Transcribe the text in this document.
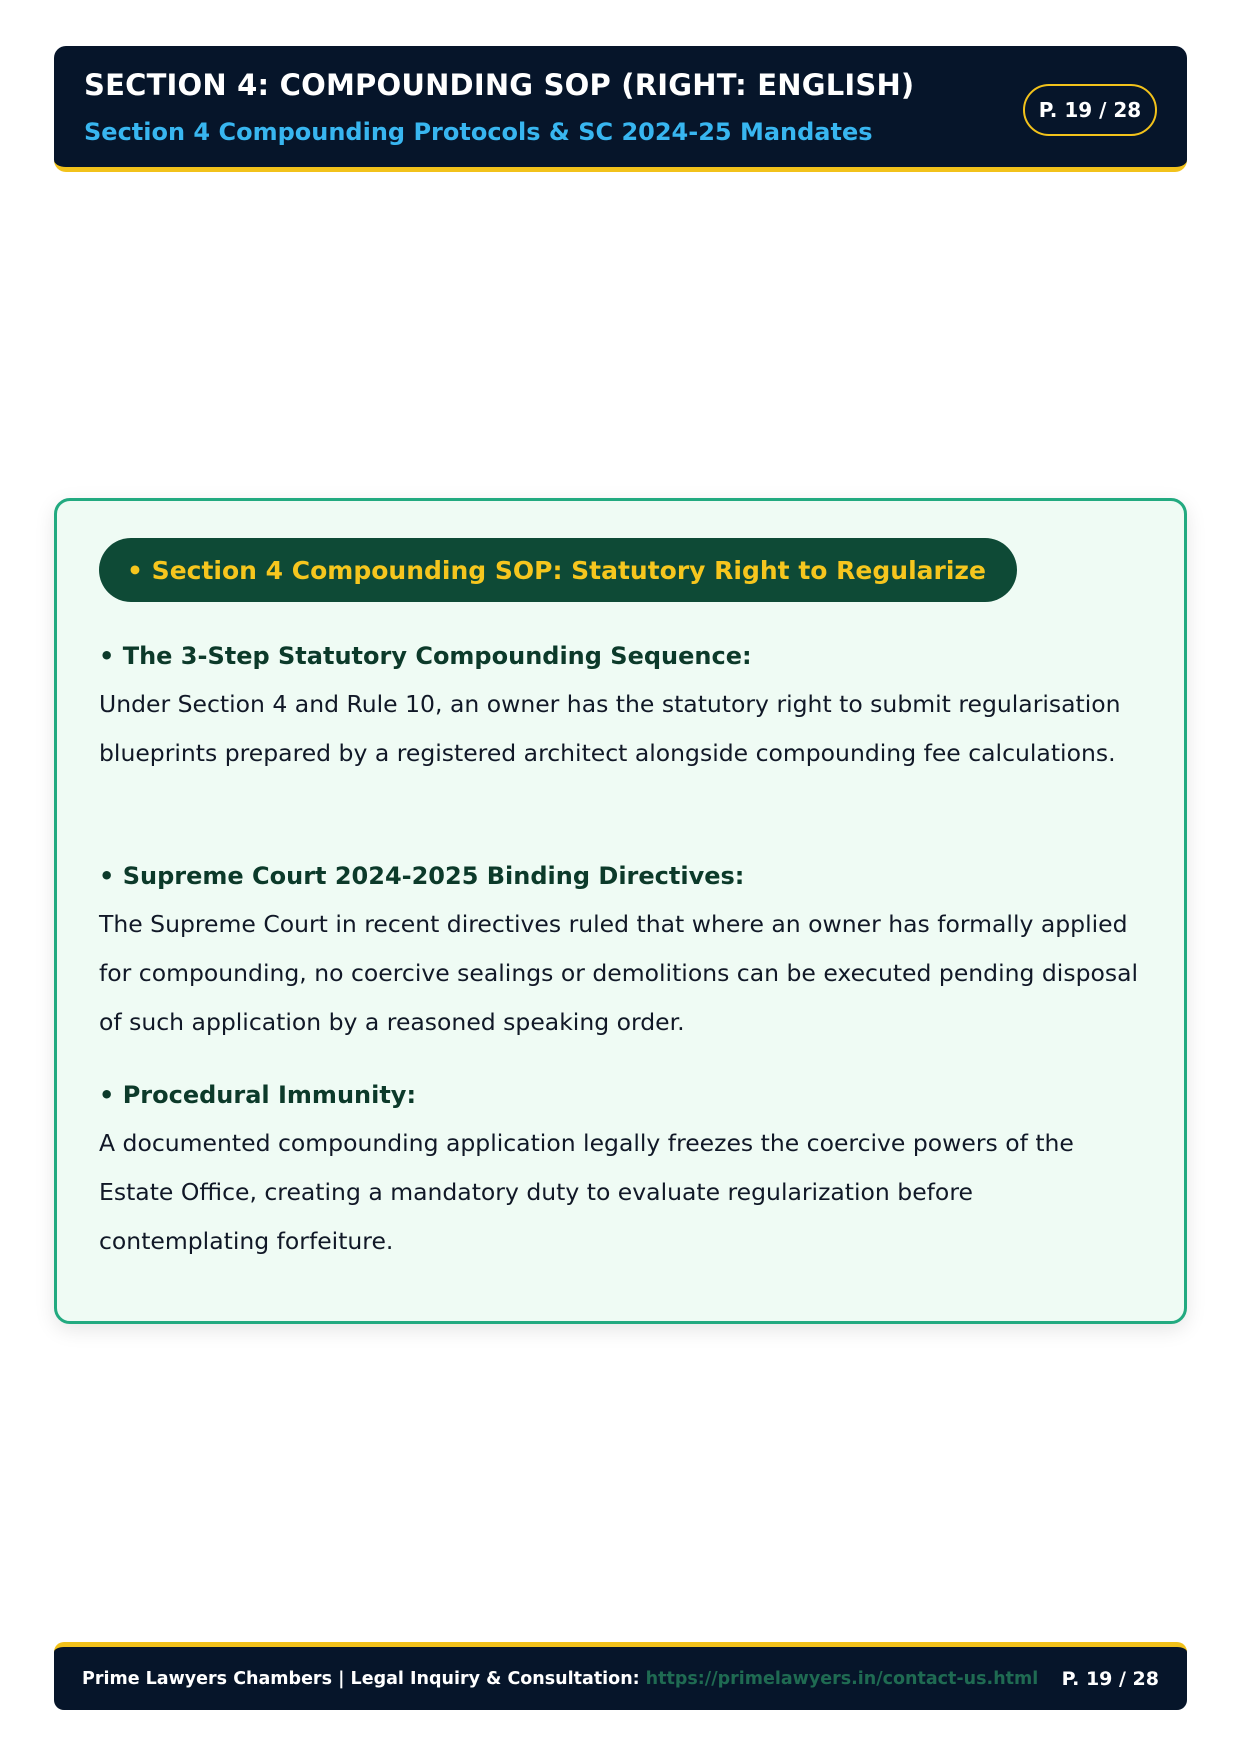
SECTION 4: COMPOUNDING SOP (RIGHT: ENGLISH)
Section 4 Compounding Protocols & SC 2024-25 Mandates
P. 19 / 28
• Section 4 Compounding SOP: Statutory Right to Regularize
• The 3-Step Statutory Compounding Sequence:
Under Section 4 and Rule 10, an owner has the statutory right to submit regularisation blueprints prepared by a registered architect alongside compounding fee calculations.
• Supreme Court 2024-2025 Binding Directives:
The Supreme Court in recent directives ruled that where an owner has formally applied for compounding, no coercive sealings or demolitions can be executed pending disposal of such application by a reasoned speaking order.
• Procedural Immunity:
A documented compounding application legally freezes the coercive powers of the Estate Office, creating a mandatory duty to evaluate regularization before contemplating forfeiture.
Prime Lawyers Chambers | Legal Inquiry & Consultation: https://primelawyers.in/contact-us.html P. 19 / 28
